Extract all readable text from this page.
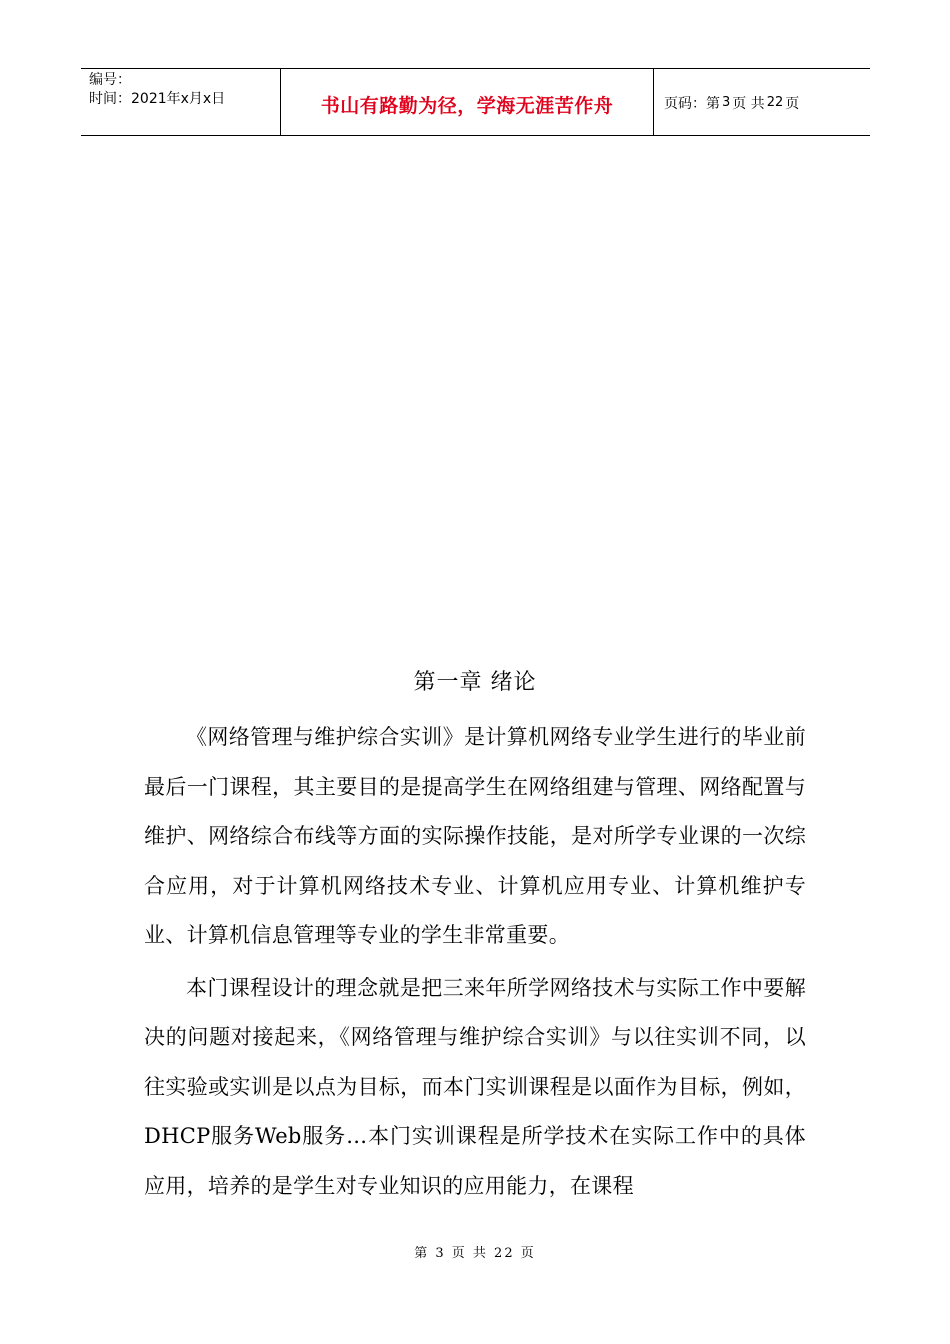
编号：
时间：2021年x月x日	书山有路勤为径，学海无涯苦作舟	页码：第 3 页 共 22 页
第一章 绪论

《网络管理与维护综合实训》是计算机网络专业学生进行的毕业前最后一门课程，其主要目的是提高学生在网络组建与管理、网络配置与维护、网络综合布线等方面的实际操作技能，是对所学专业课的一次综合应用，对于计算机网络技术专业、计算机应用专业、计算机维护专业、计算机信息管理等专业的学生非常重要。

本门课程设计的理念就是把三来年所学网络技术与实际工作中要解决的问题对接起来，《网络管理与维护综合实训》与以往实训不同，以往实验或实训是以点为目标，而本门实训课程是以面作为目标，例如，DHCP服务Web服务…本门实训课程是所学技术在实际工作中的具体应用，培养的是学生对专业知识的应用能力，在课程

第 3 页 共 22 页
